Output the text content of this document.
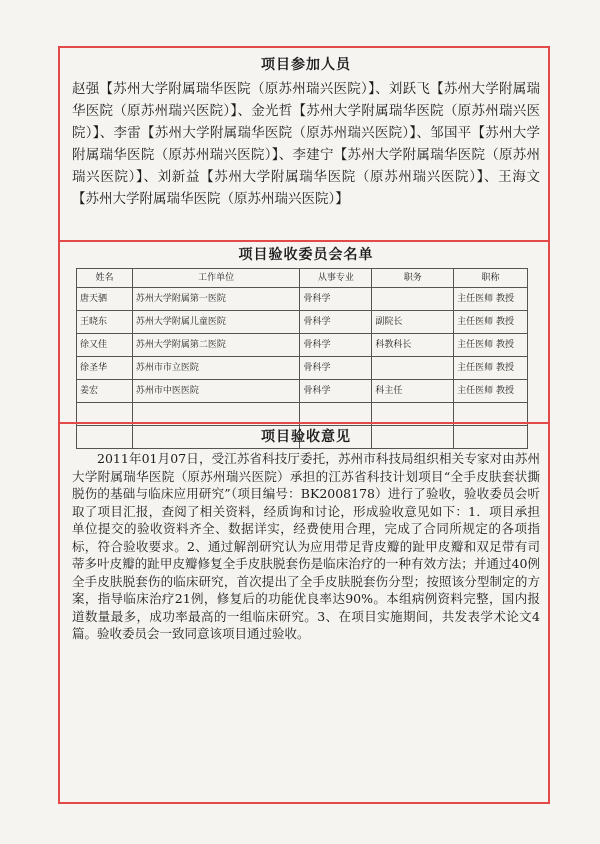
项目参加人员
赵强【苏州大学附属瑞华医院（原苏州瑞兴医院）】、刘跃飞【苏州大学附属瑞华医院（原苏州瑞兴医院）】、金光哲【苏州大学附属瑞华医院（原苏州瑞兴医院）】、李雷【苏州大学附属瑞华医院（原苏州瑞兴医院）】、邹国平【苏州大学附属瑞华医院（原苏州瑞兴医院）】、李建宁【苏州大学附属瑞华医院（原苏州瑞兴医院）】、刘新益【苏州大学附属瑞华医院（原苏州瑞兴医院）】、王海文【苏州大学附属瑞华医院（原苏州瑞兴医院）】
项目验收委员会名单
姓名	工作单位	从事专业	职务	职称
唐天驷	苏州大学附属第一医院	骨科学		主任医师 教授
王晓东	苏州大学附属儿童医院	骨科学	副院长	主任医师 教授
徐又佳	苏州大学附属第二医院	骨科学	科教科长	主任医师 教授
徐圣华	苏州市市立医院	骨科学		主任医师 教授
姜宏	苏州市中医医院	骨科学	科主任	主任医师 教授

项目验收意见
2011年01月07日，受江苏省科技厅委托，苏州市科技局组织相关专家对由苏州大学附属瑞华医院（原苏州瑞兴医院）承担的江苏省科技计划项目“全手皮肤套状撕脱伤的基础与临床应用研究”（项目编号：BK2008178）进行了验收，验收委员会听取了项目汇报，查阅了相关资料，经质询和讨论，形成验收意见如下：1．项目承担单位提交的验收资料齐全、数据详实，经费使用合理，完成了合同所规定的各项指标，符合验收要求。2、通过解剖研究认为应用带足背皮瓣的趾甲皮瓣和双足带有司蒂多叶皮瓣的趾甲皮瓣修复全手皮肤脱套伤是临床治疗的一种有效方法；并通过40例全手皮肤脱套伤的临床研究，首次提出了全手皮肤脱套伤分型；按照该分型制定的方案，指导临床治疗21例，修复后的功能优良率达90%。本组病例资料完整，国内报道数量最多，成功率最高的一组临床研究。3、在项目实施期间，共发表学术论文4篇。验收委员会一致同意该项目通过验收。
